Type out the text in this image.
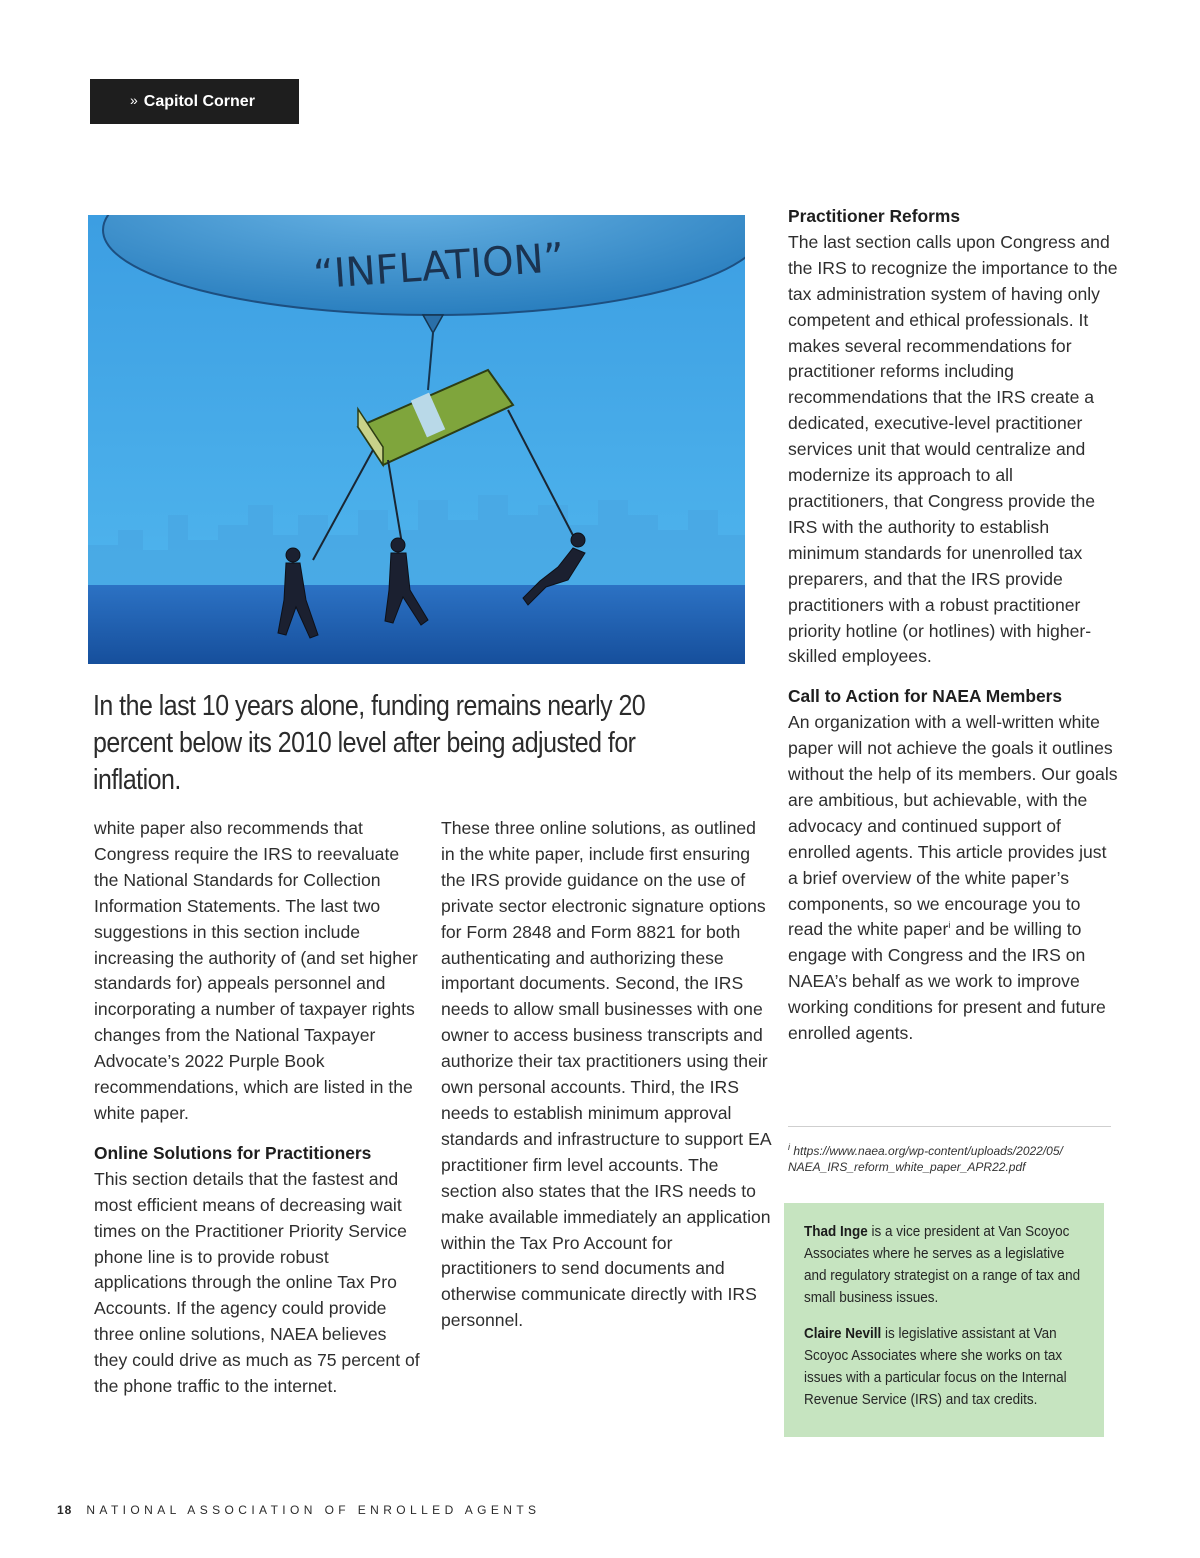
» Capitol Corner
“INFLATION”
In the last 10 years alone, funding remains nearly 20 percent below its 2010 level after being adjusted for inflation.

white paper also recommends that Congress require the IRS to reevaluate the National Standards for Collection Information Statements. The last two suggestions in this section include increasing the authority of (and set higher standards for) appeals personnel and incorporating a number of taxpayer rights changes from the National Taxpayer Advocate’s 2022 Purple Book recommendations, which are listed in the white paper.

Online Solutions for Practitioners

This section details that the fastest and most efficient means of decreasing wait times on the Practitioner Priority Service phone line is to provide robust applications through the online Tax Pro Accounts. If the agency could provide three online solutions, NAEA believes they could drive as much as 75 percent of the phone traffic to the internet.

These three online solutions, as outlined in the white paper, include first ensuring the IRS provide guidance on the use of private sector electronic signature options for Form 2848 and Form 8821 for both authenticating and authorizing these important documents. Second, the IRS needs to allow small businesses with one owner to access business transcripts and authorize their tax practitioners using their own personal accounts. Third, the IRS needs to establish minimum approval standards and infrastructure to support EA practitioner firm level accounts. The section also states that the IRS needs to make available immediately an application within the Tax Pro Account for practitioners to send documents and otherwise communicate directly with IRS personnel.

Practitioner Reforms

The last section calls upon Congress and the IRS to recognize the importance to the tax administration system of having only competent and ethical professionals. It makes several recommendations for practitioner reforms including recommendations that the IRS create a dedicated, executive-level practitioner services unit that would centralize and modernize its approach to all practitioners, that Congress provide the IRS with the authority to establish minimum standards for unenrolled tax preparers, and that the IRS provide practitioners with a robust practitioner priority hotline (or hotlines) with higher-skilled employees.

Call to Action for NAEA Members

An organization with a well-written white paper will not achieve the goals it outlines without the help of its members. Our goals are ambitious, but achievable, with the advocacy and continued support of enrolled agents. This article provides just a brief overview of the white paper’s components, so we encourage you to read the white paper$^i$ and be willing to engage with Congress and the IRS on NAEA’s behalf as we work to improve working conditions for present and future enrolled agents.

$^i$ https://www.naea.org/wp-content/uploads/2022/05/ NAEA_IRS_reform_white_paper_APR22.pdf

Thad Inge is a vice president at Van Scoyoc Associates where he serves as a legislative and regulatory strategist on a range of tax and small business issues.

Claire Nevill is legislative assistant at Van Scoyoc Associates where she works on tax issues with a particular focus on the Internal Revenue Service (IRS) and tax credits.

18 NATIONAL ASSOCIATION OF ENROLLED AGENTS
